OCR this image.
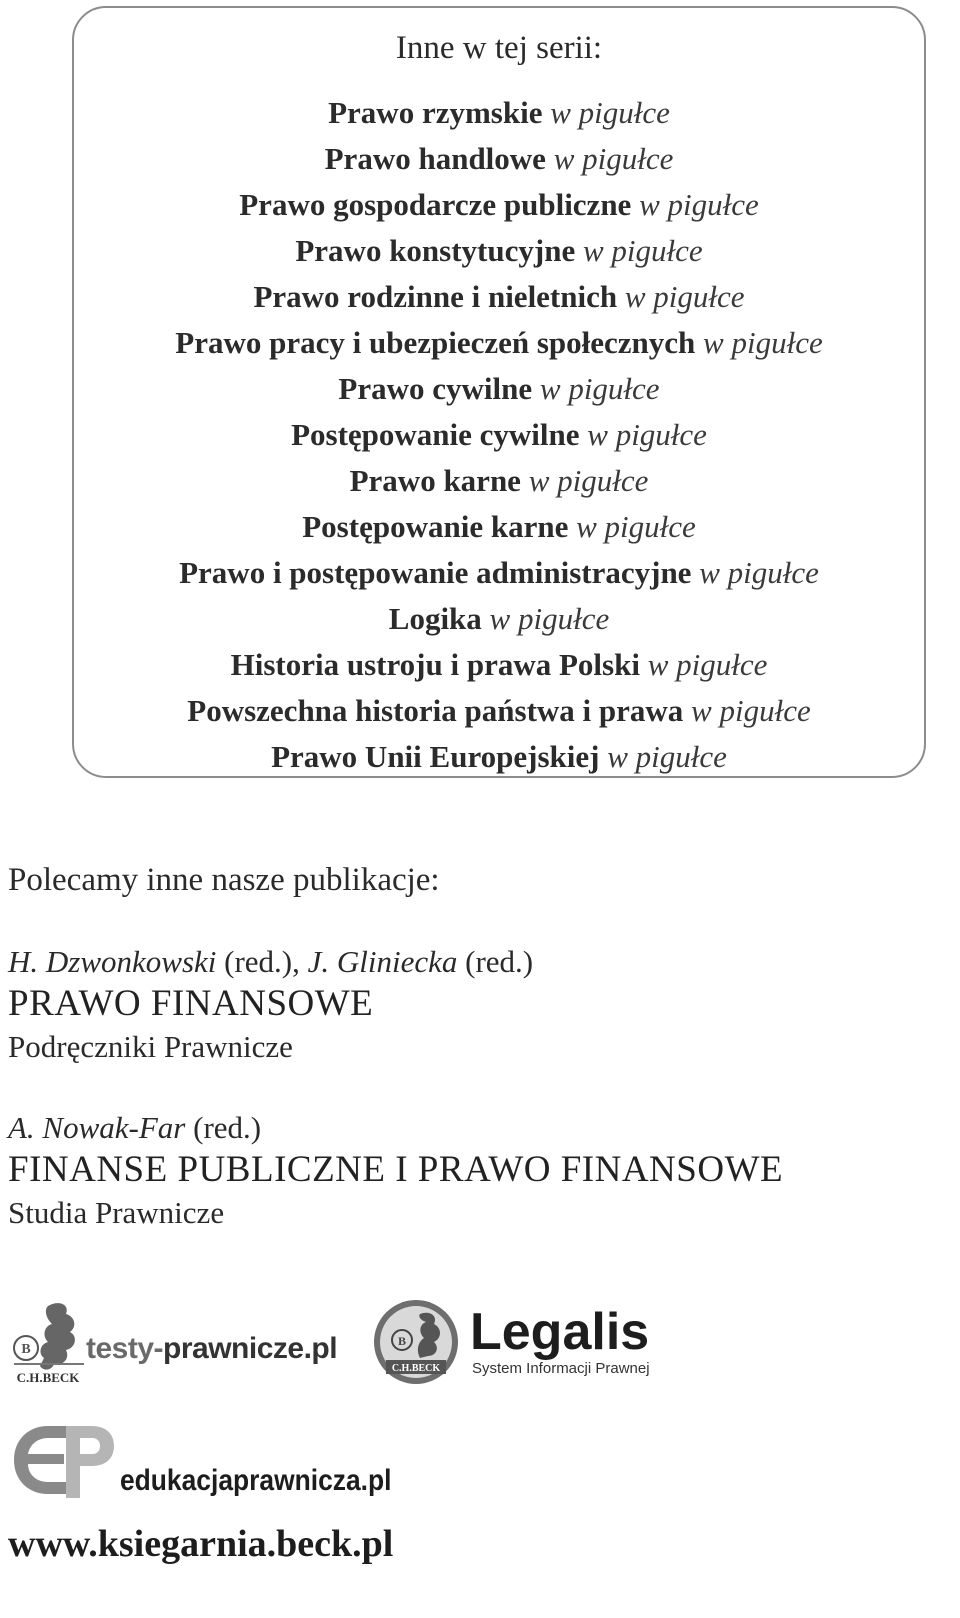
Inne w tej serii:
Prawo rzymskie w pigułce
Prawo handlowe w pigułce
Prawo gospodarcze publiczne w pigułce
Prawo konstytucyjne w pigułce
Prawo rodzinne i nieletnich w pigułce
Prawo pracy i ubezpieczeń społecznych w pigułce
Prawo cywilne w pigułce
Postępowanie cywilne w pigułce
Prawo karne w pigułce
Postępowanie karne w pigułce
Prawo i postępowanie administracyjne w pigułce
Logika w pigułce
Historia ustroju i prawa Polski w pigułce
Powszechna historia państwa i prawa w pigułce
Prawo Unii Europejskiej w pigułce
Polecamy inne nasze publikacje:
H. Dzwonkowski (red.), J. Gliniecka (red.)
PRAWO FINANSOWE
Podręczniki Prawnicze
A. Nowak-Far (red.)
FINANSE PUBLICZNE I PRAWO FINANSOWE
Studia Prawnicze
B
C.H.BECK
testy-prawnicze.pl	B
C.H.BECK
Legalis
System Informacji Prawnej
edukacjaprawnicza.pl
www.ksiegarnia.beck.pl
